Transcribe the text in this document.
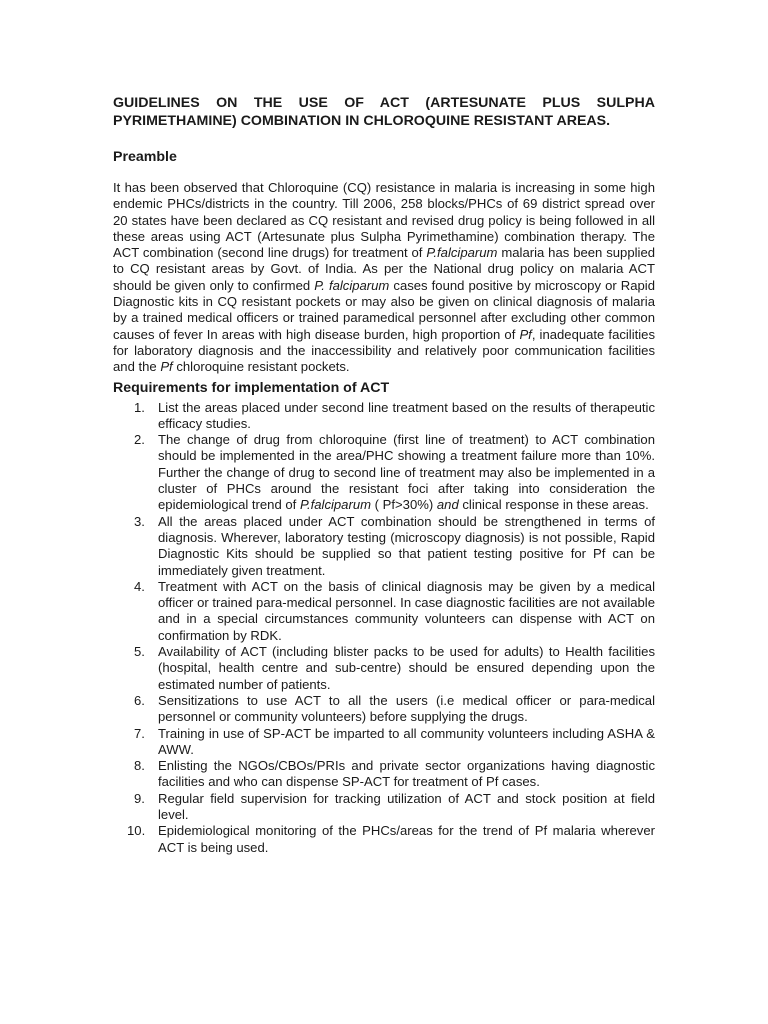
GUIDELINES ON THE USE OF ACT (ARTESUNATE PLUS SULPHA PYRIMETHAMINE) COMBINATION IN CHLOROQUINE RESISTANT AREAS.
Preamble

It has been observed that Chloroquine (CQ) resistance in malaria is increasing in some high endemic PHCs/districts in the country. Till 2006, 258 blocks/PHCs of 69 district spread over 20 states have been declared as CQ resistant and revised drug policy is being followed in all these areas using ACT (Artesunate plus Sulpha Pyrimethamine) combination therapy. The ACT combination (second line drugs) for treatment of P.falciparum malaria has been supplied to CQ resistant areas by Govt. of India. As per the National drug policy on malaria ACT should be given only to confirmed P. falciparum cases found positive by microscopy or Rapid Diagnostic kits in CQ resistant pockets or may also be given on clinical diagnosis of malaria by a trained medical officers or trained paramedical personnel after excluding other common causes of fever In areas with high disease burden, high proportion of Pf, inadequate facilities for laboratory diagnosis and the inaccessibility and relatively poor communication facilities and the Pf chloroquine resistant pockets.

Requirements for implementation of ACT
1. List the areas placed under second line treatment based on the results of therapeutic efficacy studies.
2. The change of drug from chloroquine (first line of treatment) to ACT combination should be implemented in the area/PHC showing a treatment failure more than 10%. Further the change of drug to second line of treatment may also be implemented in a cluster of PHCs around the resistant foci after taking into consideration the epidemiological trend of P.falciparum ( Pf>30%) and clinical response in these areas.
3. All the areas placed under ACT combination should be strengthened in terms of diagnosis. Wherever, laboratory testing (microscopy diagnosis) is not possible, Rapid Diagnostic Kits should be supplied so that patient testing positive for Pf can be immediately given treatment.
4. Treatment with ACT on the basis of clinical diagnosis may be given by a medical officer or trained para-medical personnel. In case diagnostic facilities are not available and in a special circumstances community volunteers can dispense with ACT on confirmation by RDK.
5. Availability of ACT (including blister packs to be used for adults) to Health facilities (hospital, health centre and sub-centre) should be ensured depending upon the estimated number of patients.
6. Sensitizations to use ACT to all the users (i.e medical officer or para-medical personnel or community volunteers) before supplying the drugs.
7. Training in use of SP-ACT be imparted to all community volunteers including ASHA & AWW.
8. Enlisting the NGOs/CBOs/PRIs and private sector organizations having diagnostic facilities and who can dispense SP-ACT for treatment of Pf cases.
9. Regular field supervision for tracking utilization of ACT and stock position at field level.
10. Epidemiological monitoring of the PHCs/areas for the trend of Pf malaria wherever ACT is being used.
